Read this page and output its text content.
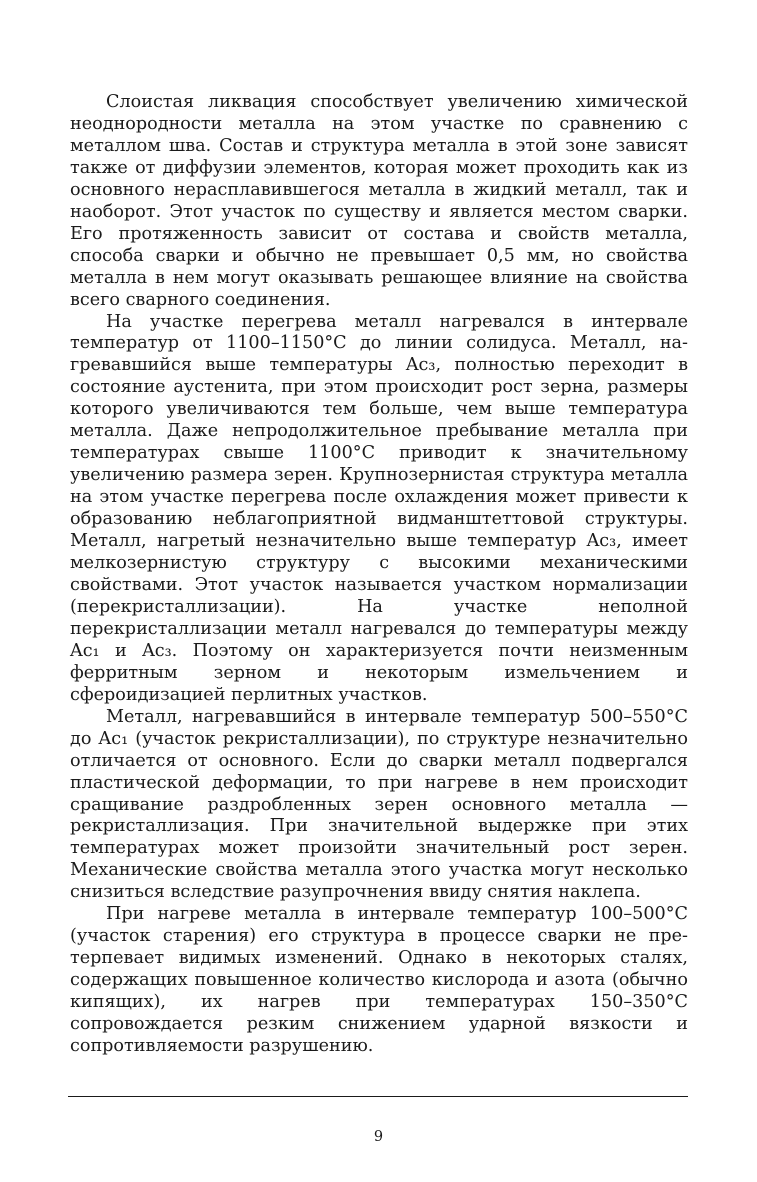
Слоистая ликвация способствует увеличению химической неоднородности металла на этом участке по сравнению с металлом шва. Состав и структура металла в этой зоне зависят также от диффузии элементов, которая может проходить как из основного нерасплавившегося металла в жидкий металл, так и наоборот. Этот участок по существу и является местом сварки. Его протяженность зависит от состава и свойств металла, способа сварки и обычно не превышает 0,5 мм, но свойства металла в нем могут оказывать решающее влияние на свойства всего сварного соединения.

На участке перегрева металл нагревался в интервале температур от 1100–1150°С до линии солидуса. Металл, нагревавшийся выше температуры Ac₃, полностью переходит в состояние аустенита, при этом происходит рост зерна, размеры которого увеличиваются тем больше, чем выше температура металла. Даже непродолжительное пребывание металла при температурах свыше 1100°С приводит к значительному увеличению размера зерен. Крупнозернистая структура металла на этом участке перегрева после охлаждения может привести к образованию неблагоприятной видманштеттовой структуры. Металл, нагретый незначительно выше температур Ac₃, имеет мелкозернистую структуру с высокими механическими свойствами. Этот участок называется участком нормализации (перекристаллизации). На участке неполной перекристаллизации металл нагревался до температуры между Ac₁ и Ac₃. Поэтому он характеризуется почти неизменным ферритным зерном и некоторым измельчением и сфероидизацией перлитных участков.

Металл, нагревавшийся в интервале температур 500–550°С до Ac₁ (участок рекристаллизации), по структуре незначительно отличается от основного. Если до сварки металл подвергался пластической деформации, то при нагреве в нем происходит сращивание раздробленных зерен основного металла — рекристаллизация. При значительной выдержке при этих температурах может произойти значительный рост зерен. Механические свойства металла этого участка могут несколько снизиться вследствие разупрочнения ввиду снятия наклепа.

При нагреве металла в интервале температур 100–500°С (участок старения) его структура в процессе сварки не претерпевает видимых изменений. Однако в некоторых сталях, содержащих повышенное количество кислорода и азота (обычно кипящих), их нагрев при температурах 150–350°С сопровождается резким снижением ударной вязкости и сопротивляемости разрушению.

9
